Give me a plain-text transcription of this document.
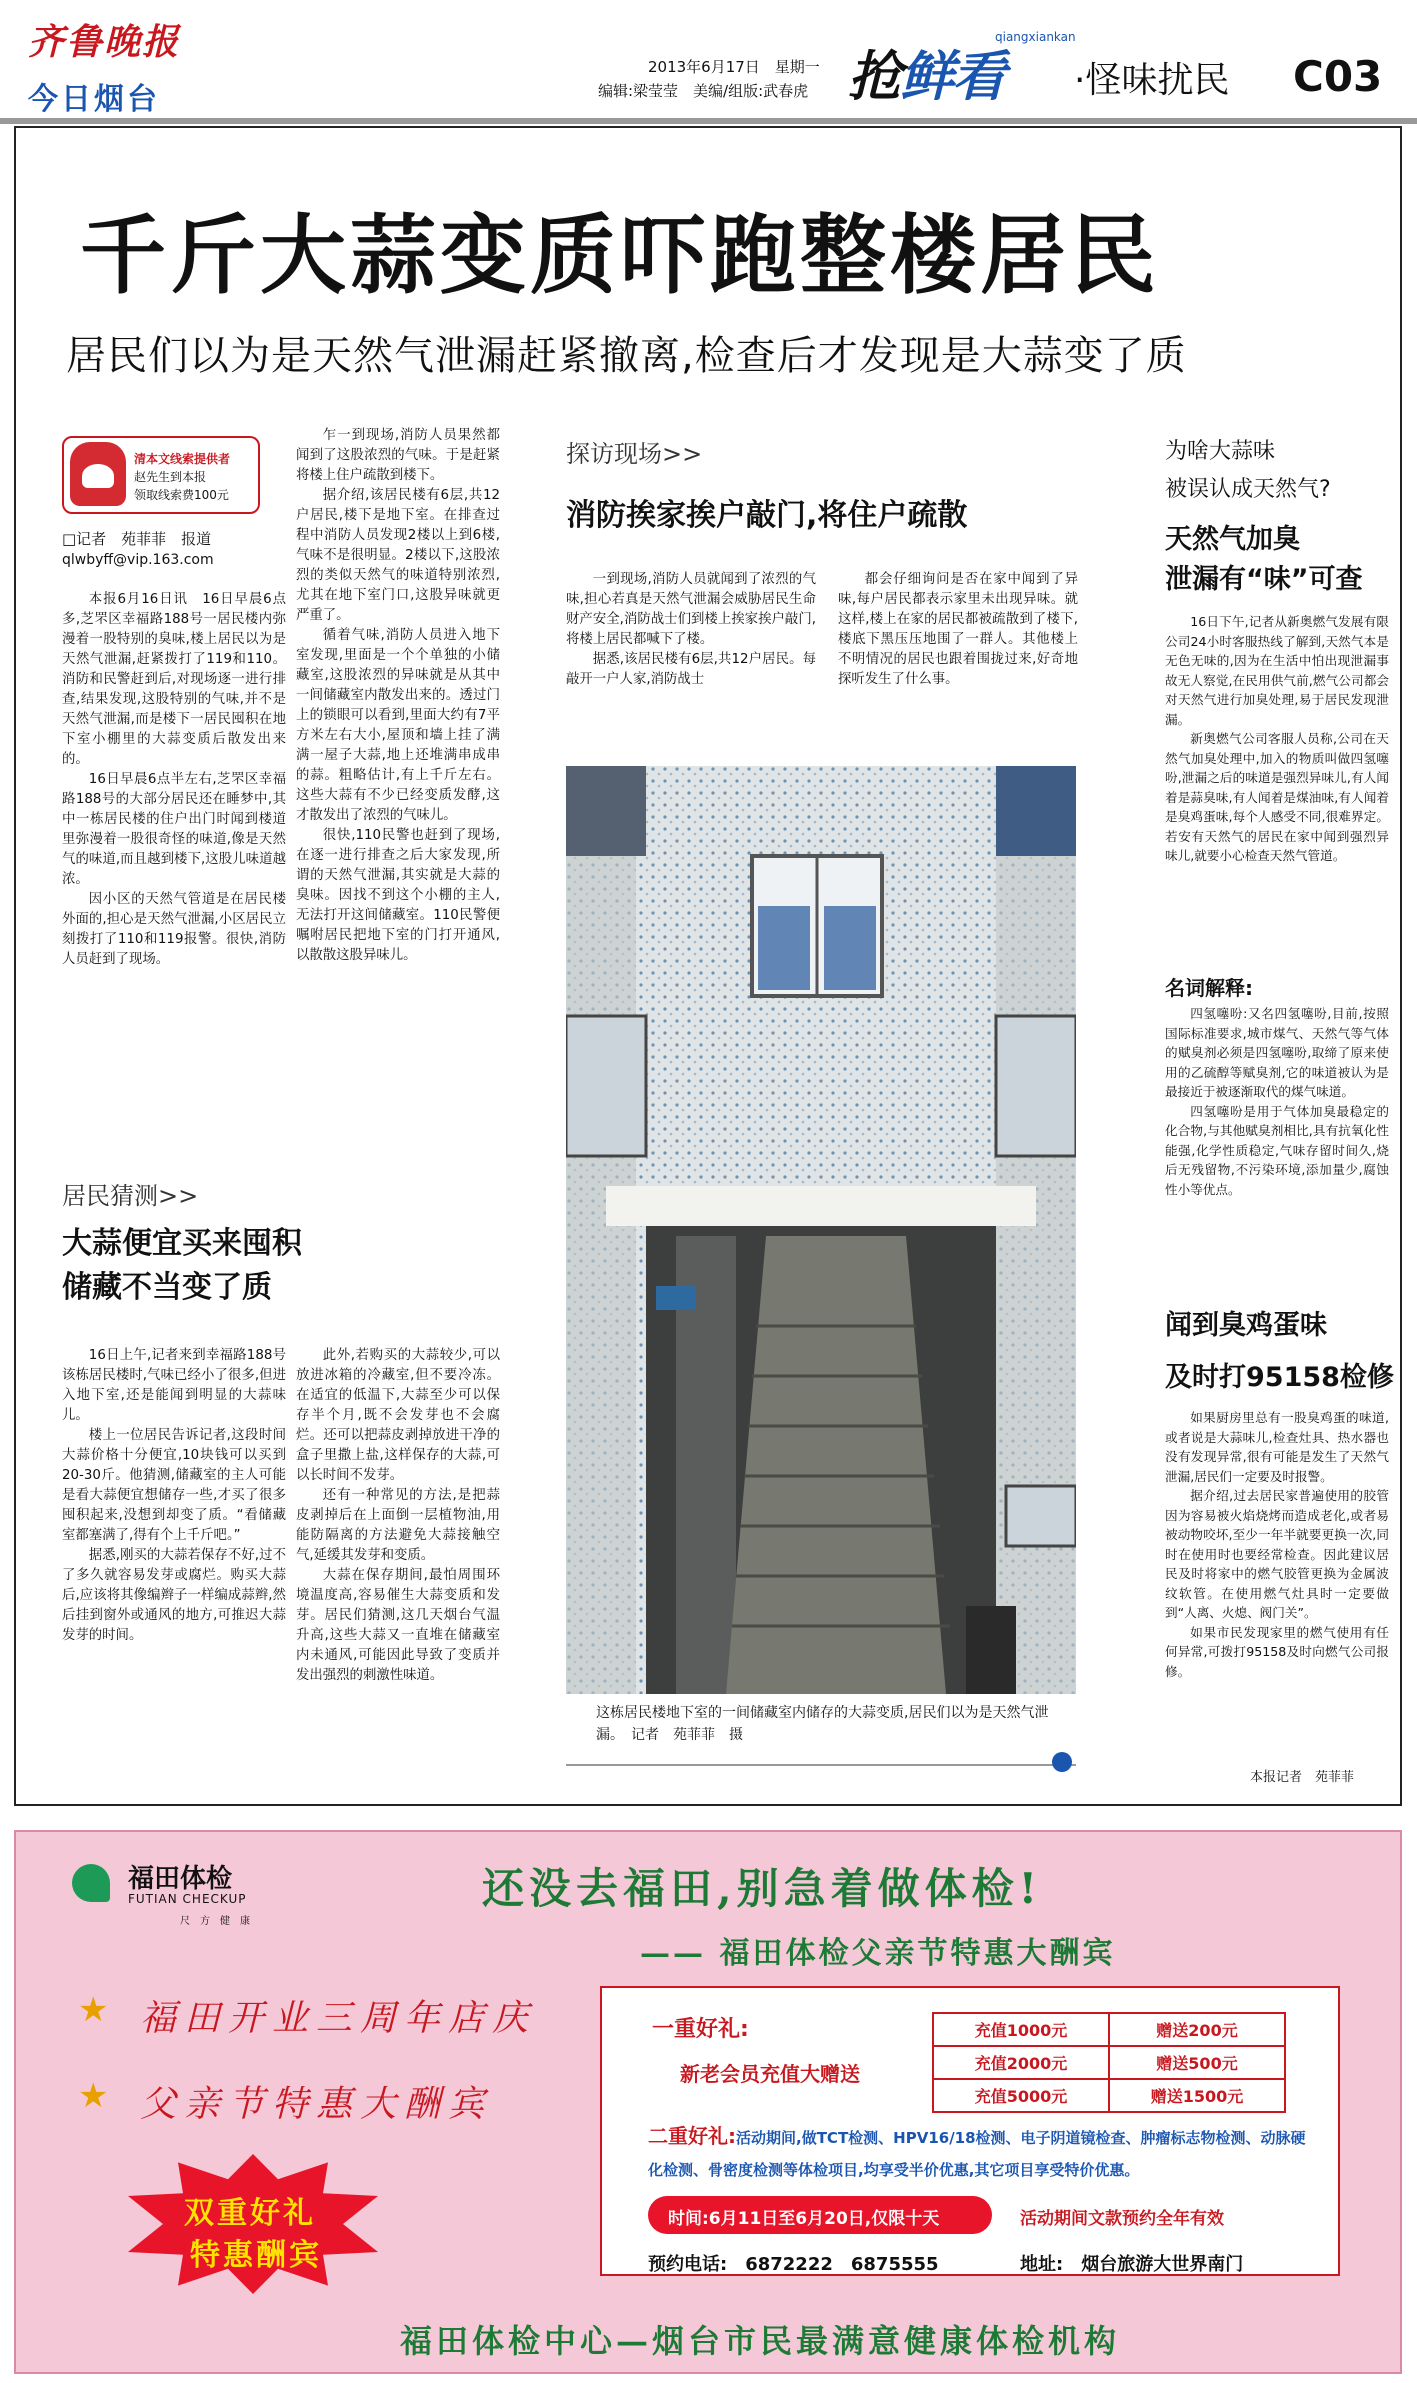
齐鲁晚报
今日烟台
2013年6月17日　星期一
编辑:梁莹莹　美编/组版:武春虎 抢鲜看
qiangxiankan
·怪味扰民 C03
千斤大蒜变质吓跑整楼居民
居民们以为是天然气泄漏赶紧撤离,检查后才发现是大蒜变了质
清本文线索提供者
赵先生到本报
领取线索费100元
□记者　苑菲菲　报道
qlwbyff@vip.163.com

本报6月16日讯　16日早晨6点多,芝罘区幸福路188号一居民楼内弥漫着一股特别的臭味,楼上居民以为是天然气泄漏,赶紧拨打了119和110。消防和民警赶到后,对现场逐一进行排查,结果发现,这股特别的气味,并不是天然气泄漏,而是楼下一居民囤积在地下室小棚里的大蒜变质后散发出来的。

16日早晨6点半左右,芝罘区幸福路188号的大部分居民还在睡梦中,其中一栋居民楼的住户出门时闻到楼道里弥漫着一股很奇怪的味道,像是天然气的味道,而且越到楼下,这股儿味道越浓。

因小区的天然气管道是在居民楼外面的,担心是天然气泄漏,小区居民立刻拨打了110和119报警。很快,消防人员赶到了现场。

乍一到现场,消防人员果然都闻到了这股浓烈的气味。于是赶紧将楼上住户疏散到楼下。

据介绍,该居民楼有6层,共12户居民,楼下是地下室。在排查过程中消防人员发现2楼以上到6楼,气味不是很明显。2楼以下,这股浓烈的类似天然气的味道特别浓烈,尤其在地下室门口,这股异味就更严重了。

循着气味,消防人员进入地下室发现,里面是一个个单独的小储藏室,这股浓烈的异味就是从其中一间储藏室内散发出来的。透过门上的锁眼可以看到,里面大约有7平方米左右大小,屋顶和墙上挂了满满一屋子大蒜,地上还堆满串成串的蒜。粗略估计,有上千斤左右。这些大蒜有不少已经变质发酵,这才散发出了浓烈的气味儿。

很快,110民警也赶到了现场,在逐一进行排查之后大家发现,所谓的天然气泄漏,其实就是大蒜的臭味。因找不到这个小棚的主人,无法打开这间储藏室。110民警便嘱咐居民把地下室的门打开通风,以散散这股异味儿。

探访现场>>
消防挨家挨户敲门,将住户疏散

一到现场,消防人员就闻到了浓烈的气味,担心若真是天然气泄漏会威胁居民生命财产安全,消防战士们到楼上挨家挨户敲门,将楼上居民都喊下了楼。

据悉,该居民楼有6层,共12户居民。每敲开一户人家,消防战士

都会仔细询问是否在家中闻到了异味,每户居民都表示家里未出现异味。就这样,楼上在家的居民都被疏散到了楼下,楼底下黑压压地围了一群人。其他楼上不明情况的居民也跟着围拢过来,好奇地探听发生了什么事。

这栋居民楼地下室的一间储藏室内储存的大蒜变质,居民们以为是天然气泄漏。　记者　苑菲菲　摄
为啥大蒜味
被误认成天然气?
天然气加臭
泄漏有“味”可查

16日下午,记者从新奥燃气发展有限公司24小时客服热线了解到,天然气本是无色无味的,因为在生活中怕出现泄漏事故无人察觉,在民用供气前,燃气公司都会对天然气进行加臭处理,易于居民发现泄漏。

新奥燃气公司客服人员称,公司在天然气加臭处理中,加入的物质叫做四氢噻吩,泄漏之后的味道是强烈异味儿,有人闻着是蒜臭味,有人闻着是煤油味,有人闻着是臭鸡蛋味,每个人感受不同,很难界定。若安有天然气的居民在家中闻到强烈异味儿,就要小心检查天然气管道。

名词解释:

四氢噻吩:又名四氢噻吩,目前,按照国际标准要求,城市煤气、天然气等气体的赋臭剂必须是四氢噻吩,取缔了原来使用的乙硫醇等赋臭剂,它的味道被认为是最接近于被逐渐取代的煤气味道。

四氢噻吩是用于气体加臭最稳定的化合物,与其他赋臭剂相比,具有抗氧化性能强,化学性质稳定,气味存留时间久,烧后无残留物,不污染环境,添加量少,腐蚀性小等优点。

闻到臭鸡蛋味
及时打95158检修

如果厨房里总有一股臭鸡蛋的味道,或者说是大蒜味儿,检查灶具、热水器也没有发现异常,很有可能是发生了天然气泄漏,居民们一定要及时报警。

据介绍,过去居民家普遍使用的胶管因为容易被火焰烧烤而造成老化,或者易被动物咬坏,至少一年半就要更换一次,同时在使用时也要经常检查。因此建议居民及时将家中的燃气胶管更换为金属波纹软管。在使用燃气灶具时一定要做到“人离、火熄、阀门关”。

如果市民发现家里的燃气使用有任何异常,可拨打95158及时向燃气公司报修。

本报记者　苑菲菲
居民猜测>>
大蒜便宜买来囤积
储藏不当变了质

16日上午,记者来到幸福路188号该栋居民楼时,气味已经小了很多,但进入地下室,还是能闻到明显的大蒜味儿。

楼上一位居民告诉记者,这段时间大蒜价格十分便宜,10块钱可以买到20-30斤。他猜测,储藏室的主人可能是看大蒜便宜想储存一些,才买了很多囤积起来,没想到却变了质。“看储藏室都塞满了,得有个上千斤吧。”

据悉,刚买的大蒜若保存不好,过不了多久就容易发芽或腐烂。购买大蒜后,应该将其像编辫子一样编成蒜辫,然后挂到窗外或通风的地方,可推迟大蒜发芽的时间。

此外,若购买的大蒜较少,可以放进冰箱的冷藏室,但不要冷冻。在适宜的低温下,大蒜至少可以保存半个月,既不会发芽也不会腐烂。还可以把蒜皮剥掉放进干净的盒子里撒上盐,这样保存的大蒜,可以长时间不发芽。

还有一种常见的方法,是把蒜皮剥掉后在上面倒一层植物油,用能防隔离的方法避免大蒜接触空气,延缓其发芽和变质。

大蒜在保存期间,最怕周围环境温度高,容易催生大蒜变质和发芽。居民们猜测,这几天烟台气温升高,这些大蒜又一直堆在储藏室内未通风,可能因此导致了变质并发出强烈的刺激性味道。

福田体检
FUTIAN CHECKUP
尺　方　健　康
还没去福田,别急着做体检!
—— 福田体检父亲节特惠大酬宾
★
★
福田开业三周年店庆
父亲节特惠大酬宾
双重好礼
特惠酬宾
一重好礼:
新老会员充值大赠送
充值1000元	赠送200元
充值2000元	赠送500元
充值5000元	赠送1500元
二重好礼:活动期间,做TCT检测、HPV16/18检测、电子阴道镜检查、肿瘤标志物检测、动脉硬化检测、骨密度检测等体检项目,均享受半价优惠,其它项目享受特价优惠。
时间:6月11日至6月20日,仅限十天	活动期间文款预约全年有效
预约电话:　6872222　6875555	地址:　烟台旅游大世界南门
福田体检中心—烟台市民最满意健康体检机构
